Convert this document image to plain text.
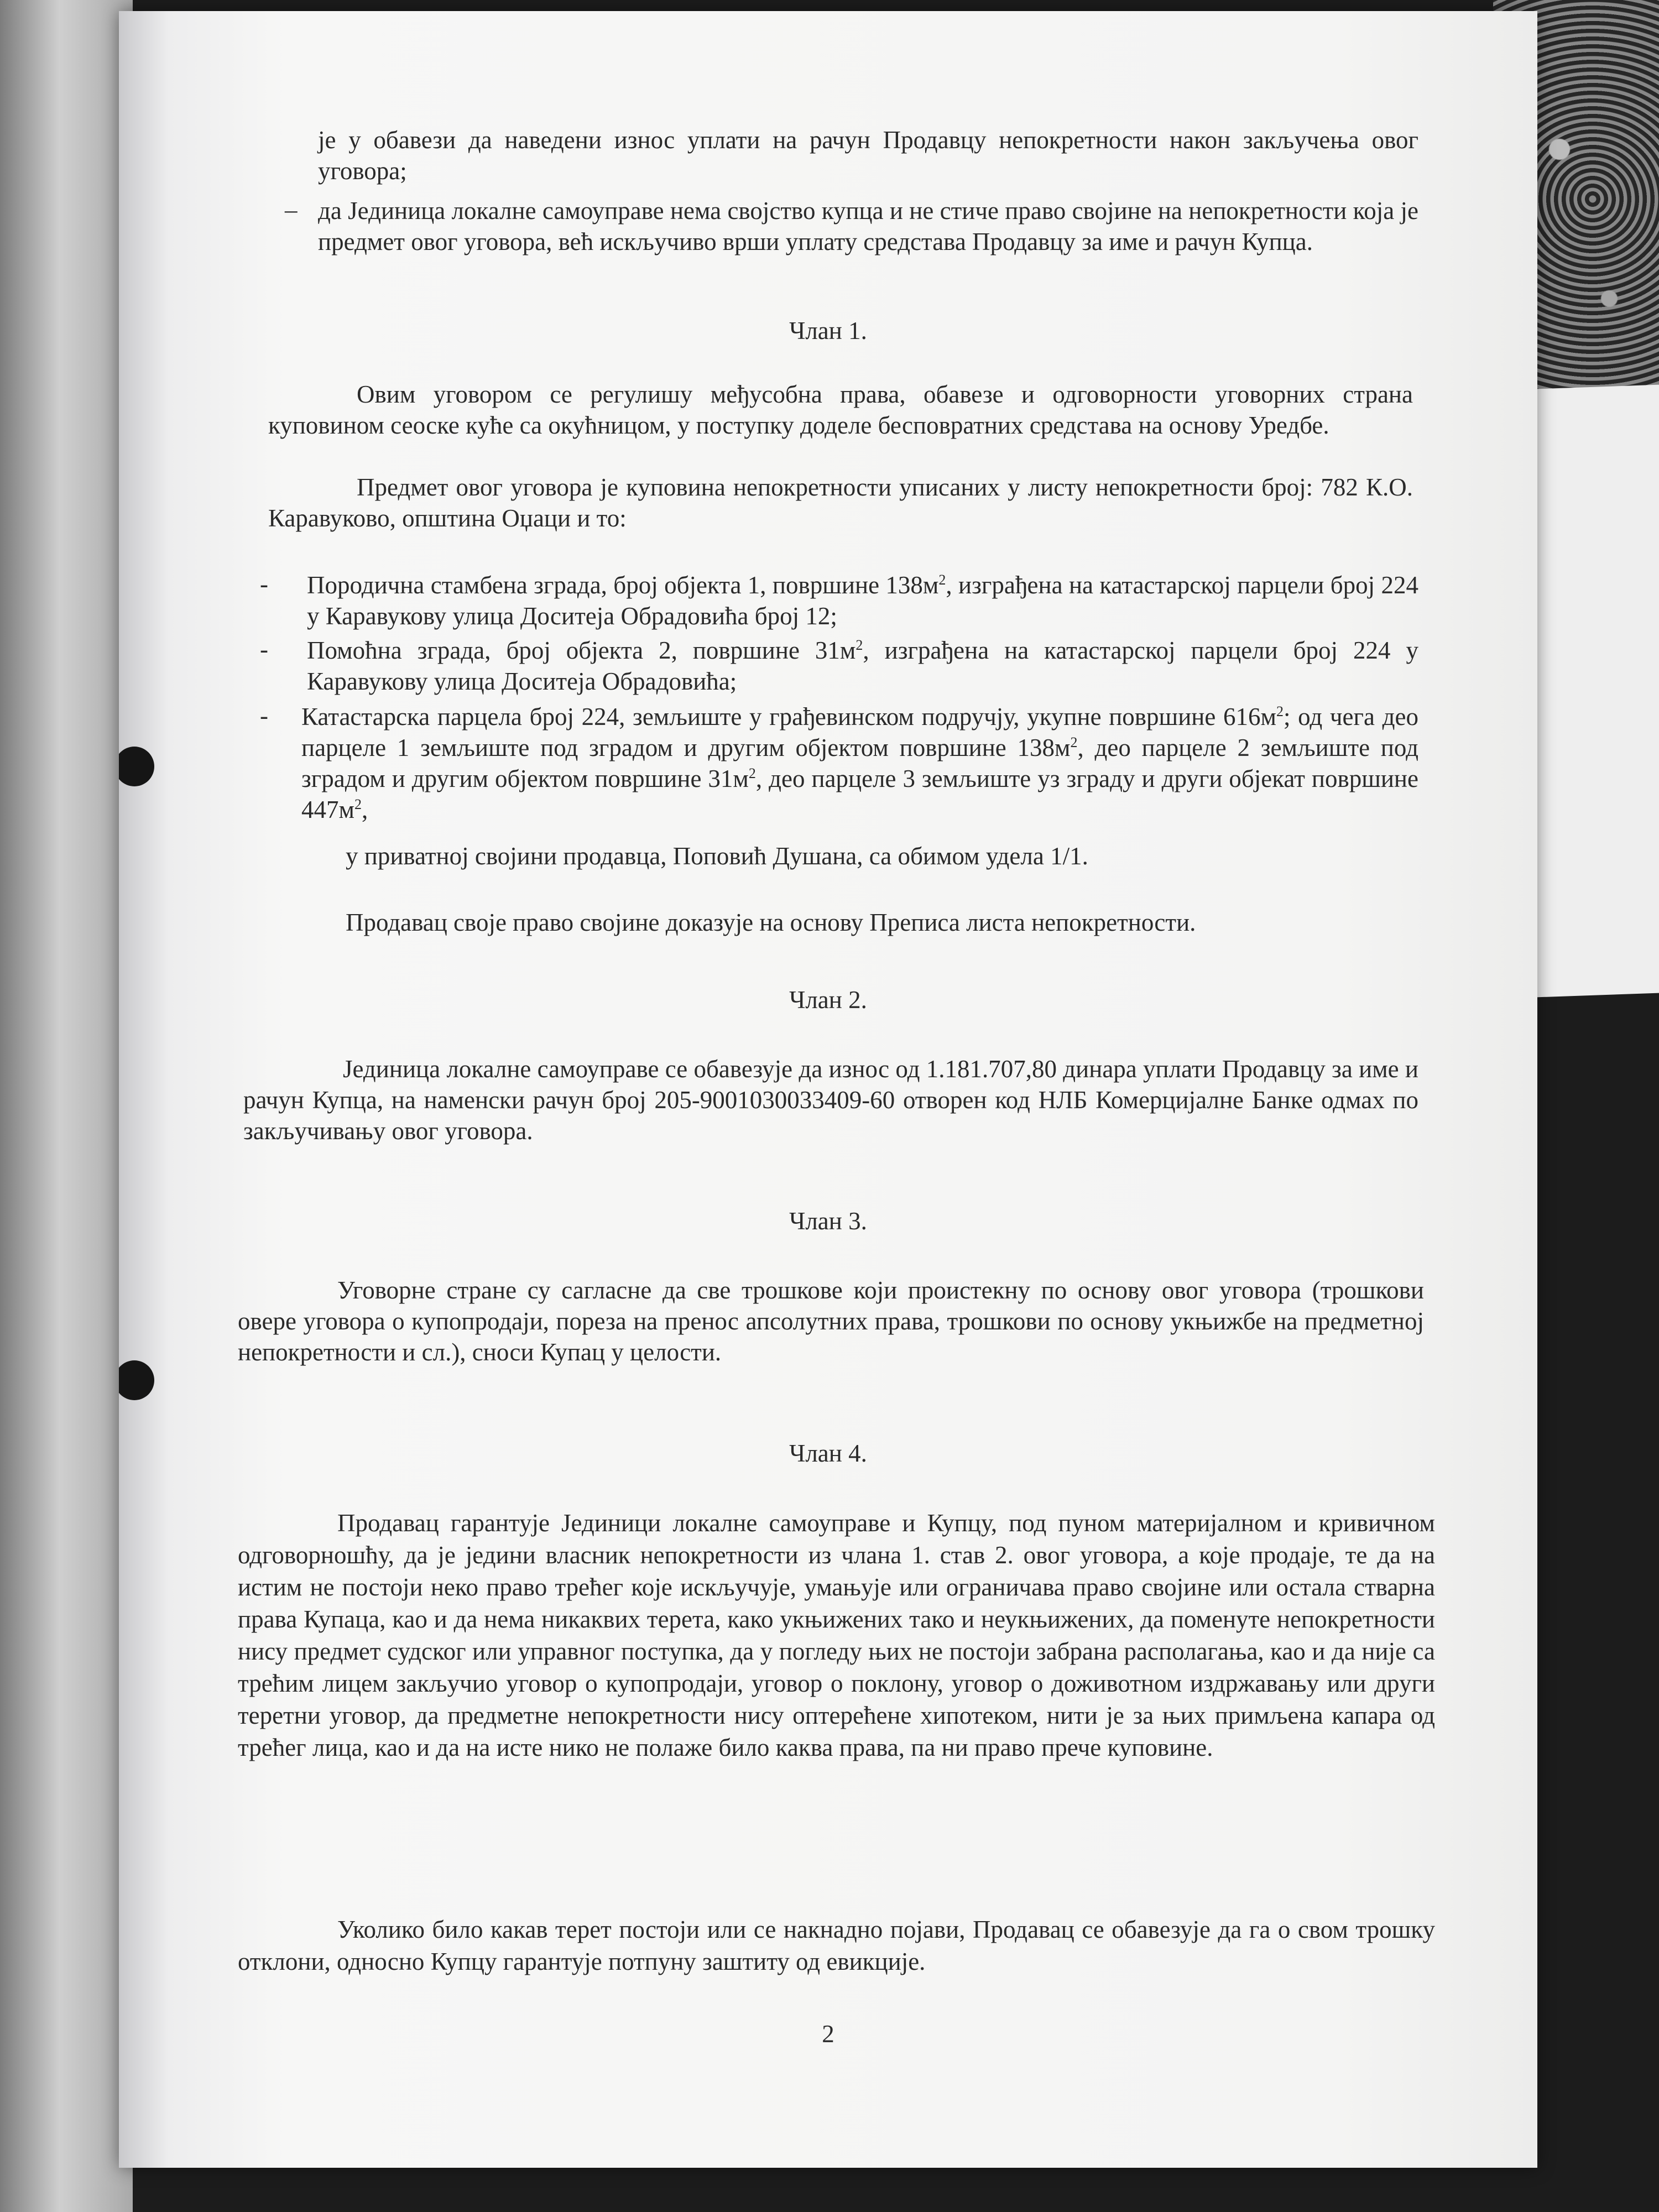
је у обавези да наведени износ уплати на рачун Продавцу непокретности након закључења овог уговора;

– да Јединица локалне самоуправе нема својство купца и не стиче право својине на непокретности која је предмет овог уговора, већ искључиво врши уплату средстава Продавцу за име и рачун Купца.

Члан 1.

Овим уговором се регулишу међусобна права, обавезе и одговорности уговорних страна куповином сеоске куће са окућницом, у поступку доделе бесповратних средстава на основу Уредбе.

Предмет овог уговора је куповина непокретности уписаних у листу непокретности број: 782 К.О. Каравуково, општина Оџаци и то:

- Породична стамбена зграда, број објекта 1, површине $138м^2$, изграђена на катастарској парцели број 224 у Каравукову улица Доситеја Обрадовића број 12;

- Помоћна зграда, број објекта 2, површине $31м^2$, изграђена на катастарској парцели број 224 у Каравукову улица Доситеја Обрадовића;

- Катастарска парцела број 224, земљиште у грађевинском подручју, укупне површине $616м^2$; од чега део парцеле 1 земљиште под зградом и другим објектом површине $138м^2$, део парцеле 2 земљиште под зградом и другим објектом површине $31м^2$, део парцеле 3 земљиште уз зграду и други објекат површине $447м^2$,

у приватној својини продавца, Поповић Душана, са обимом удела 1/1.

Продавац своје право својине доказује на основу Преписа листа непокретности.

Члан 2.

Јединица локалне самоуправе се обавезује да износ од 1.181.707,80 динара уплати Продавцу за име и рачун Купца, на наменски рачун број 205-9001030033409-60 отворен код НЛБ Комерцијалне Банке одмах по закључивању овог уговора.

Члан 3.

Уговорне стране су сагласне да све трошкове који проистекну по основу овог уговора (трошкови овере уговора о купопродаји, пореза на пренос апсолутних права, трошкови по основу укњижбе на предметној непокретности и сл.), сноси Купац у целости.

Члан 4.

Продавац гарантује Јединици локалне самоуправе и Купцу, под пуном материјалном и кривичном одговорношћу, да је једини власник непокретности из члана 1. став 2. овог уговора, а које продаје, те да на истим не постоји неко право трећег које искључује, умањује или ограничава право својине или остала стварна права Купаца, као и да нема никаквих терета, како укњижених тако и неукњижених, да поменуте непокретности нису предмет судског или управног поступка, да у погледу њих не постоји забрана располагања, као и да није са трећим лицем закључио уговор о купопродаји, уговор о поклону, уговор о доживотном издржавању или други теретни уговор, да предметне непокретности нису оптерећене хипотеком, нити је за њих примљена капара од трећег лица, као и да на исте нико не полаже било каква права, па ни право прече куповине.

Уколико било какав терет постоји или се накнадно појави, Продавац се обавезује да га о свом трошку отклони, односно Купцу гарантује потпуну заштиту од евикције.

2
